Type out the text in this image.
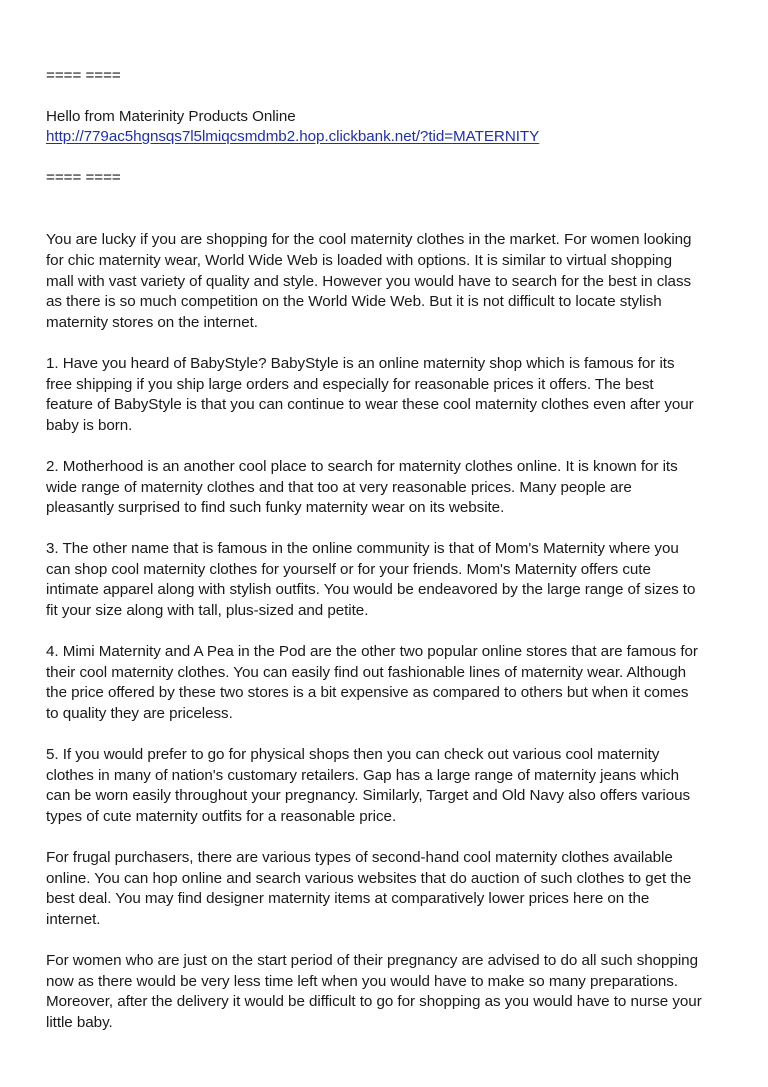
==== ====
Hello from Materinity Products Online
http://779ac5hgnsqs7l5lmiqcsmdmb2.hop.clickbank.net/?tid=MATERNITY
==== ====
You are lucky if you are shopping for the cool maternity clothes in the market. For women looking
for chic maternity wear, World Wide Web is loaded with options. It is similar to virtual shopping
mall with vast variety of quality and style. However you would have to search for the best in class
as there is so much competition on the World Wide Web. But it is not difficult to locate stylish
maternity stores on the internet.
1. Have you heard of BabyStyle? BabyStyle is an online maternity shop which is famous for its
free shipping if you ship large orders and especially for reasonable prices it offers. The best
feature of BabyStyle is that you can continue to wear these cool maternity clothes even after your
baby is born.
2. Motherhood is an another cool place to search for maternity clothes online. It is known for its
wide range of maternity clothes and that too at very reasonable prices. Many people are
pleasantly surprised to find such funky maternity wear on its website.
3. The other name that is famous in the online community is that of Mom's Maternity where you
can shop cool maternity clothes for yourself or for your friends. Mom's Maternity offers cute
intimate apparel along with stylish outfits. You would be endeavored by the large range of sizes to
fit your size along with tall, plus-sized and petite.
4. Mimi Maternity and A Pea in the Pod are the other two popular online stores that are famous for
their cool maternity clothes. You can easily find out fashionable lines of maternity wear. Although
the price offered by these two stores is a bit expensive as compared to others but when it comes
to quality they are priceless.
5. If you would prefer to go for physical shops then you can check out various cool maternity
clothes in many of nation's customary retailers. Gap has a large range of maternity jeans which
can be worn easily throughout your pregnancy. Similarly, Target and Old Navy also offers various
types of cute maternity outfits for a reasonable price.
For frugal purchasers, there are various types of second-hand cool maternity clothes available
online. You can hop online and search various websites that do auction of such clothes to get the
best deal. You may find designer maternity items at comparatively lower prices here on the
internet.
For women who are just on the start period of their pregnancy are advised to do all such shopping
now as there would be very less time left when you would have to make so many preparations.
Moreover, after the delivery it would be difficult to go for shopping as you would have to nurse your
little baby.
